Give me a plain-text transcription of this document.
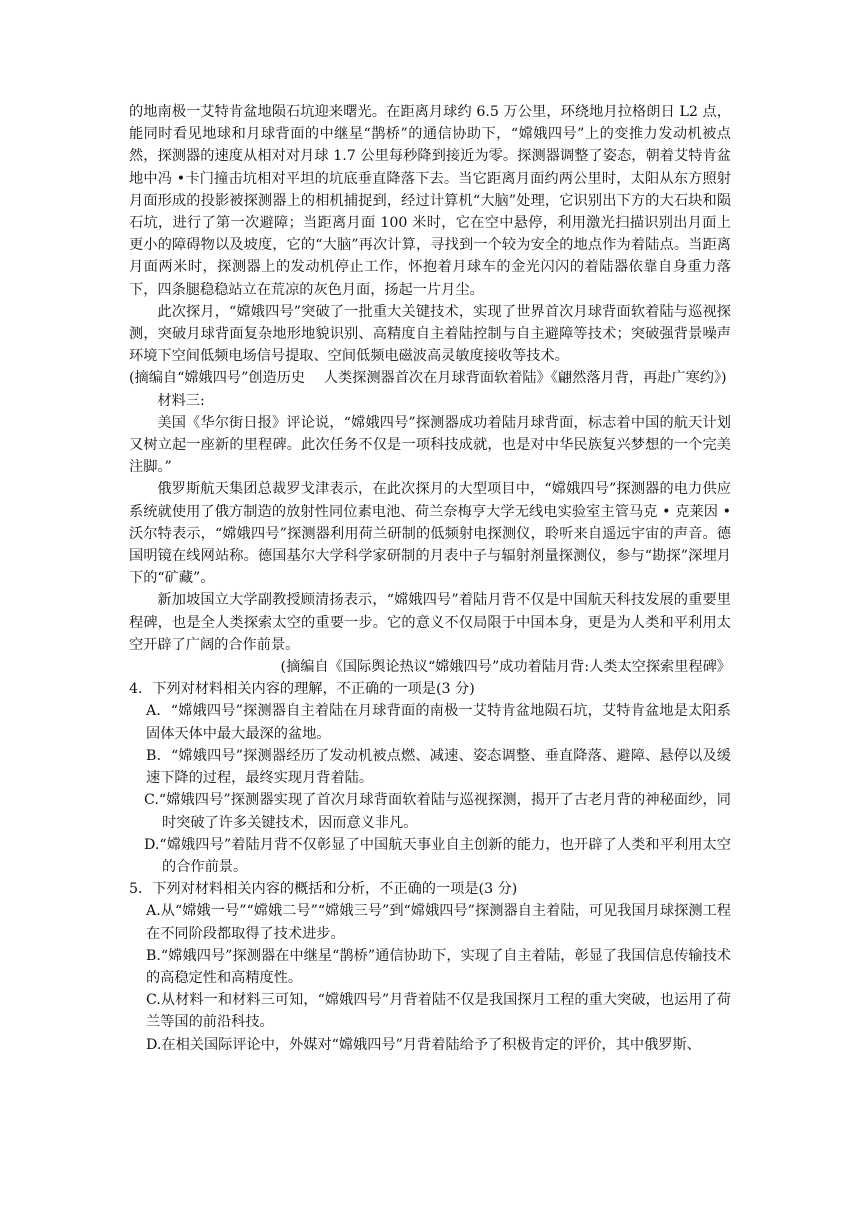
的地南极一艾特肯盆地陨石坑迎来曙光。在距离月球约 6.5 万公里，环绕地月拉格朗日 L2 点，能同时看见地球和月球背面的中继星“鹊桥”的通信协助下，“嫦娥四号”上的变推力发动机被点然，探测器的速度从相对对月球 1.7 公里每秒降到接近为零。探测器调整了姿态，朝着艾特肯盆地中冯 •卡门撞击坑相对平坦的坑底垂直降落下去。当它距离月面约两公里时，太阳从东方照射月面形成的投影被探测器上的相机捕捉到，经过计算机“大脑”处理，它识别出下方的大石块和陨石坑，进行了第一次避障；当距离月面 100 米时，它在空中悬停，利用激光扫描识别出月面上更小的障碍物以及坡度，它的“大脑”再次计算，寻找到一个较为安全的地点作为着陆点。当距离月面两米时，探测器上的发动机停止工作，怀抱着月球车的金光闪闪的着陆器依靠自身重力落下，四条腿稳稳站立在荒凉的灰色月面，扬起一片月尘。

此次探月，“嫦娥四号”突破了一批重大关键技术，实现了世界首次月球背面软着陆与巡视探测，突破月球背面复杂地形地貌识别、高精度自主着陆控制与自主避障等技术；突破强背景噪声环境下空间低频电场信号提取、空间低频电磁波高灵敏度接收等技术。

(摘编自“嫦娥四号”创造历史　 人类探测器首次在月球背面软着陆》《翩然落月背，再赴广寒约》)

材料三:

美国《华尔街日报》评论说，“嫦娥四号”探测器成功着陆月球背面，标志着中国的航天计划又树立起一座新的里程碑。此次任务不仅是一项科技成就，也是对中华民族复兴梦想的一个完美注脚。”

俄罗斯航天集团总裁罗戈津表示，在此次探月的大型项目中，“嫦娥四号”探测器的电力供应系统就使用了俄方制造的放射性同位素电池、荷兰奈梅亨大学无线电实验室主管马克 • 克莱因 • 沃尔特表示，“嫦娥四号”探测器利用荷兰研制的低频射电探测仪，聆听来自遥远宇宙的声音。德国明镜在线网站称。德国基尔大学科学家研制的月表中子与辐射剂量探测仪，参与“勘探”深埋月下的“矿藏”。

新加坡国立大学副教授顾清扬表示，“嫦娥四号”着陆月背不仅是中国航天科技发展的重要里程碑，也是全人类探索太空的重要一步。它的意义不仅局限于中国本身，更是为人类和平利用太空开辟了广阔的合作前景。

(摘编自《国际舆论热议“嫦娥四号”成功着陆月背:人类太空探索里程碑》

4．下列对材料相关内容的理解，不正确的一项是(3 分)

A．“嫦娥四号”探测器自主着陆在月球背面的南极一艾特肯盆地陨石坑，艾特肯盆地是太阳系固体天体中最大最深的盆地。

B．“嫦娥四号”探测器经历了发动机被点燃、减速、姿态调整、垂直降落、避障、悬停以及缓速下降的过程，最终实现月背着陆。

C.“嫦娥四号”探测器实现了首次月球背面软着陆与巡视探测，揭开了古老月背的神秘面纱，同时突破了许多关键技术，因而意义非凡。

D.“嫦娥四号”着陆月背不仅彰显了中国航天事业自主创新的能力，也开辟了人类和平利用太空的合作前景。

5．下列对材料相关内容的概括和分析，不正确的一项是(3 分)

A.从“嫦娥一号”“嫦娥二号”“嫦娥三号”到“嫦娥四号”探测器自主着陆，可见我国月球探测工程在不同阶段都取得了技术进步。

B.“嫦娥四号”探测器在中继星“鹊桥”通信协助下，实现了自主着陆，彰显了我国信息传输技术的高稳定性和高精度性。

C.从材料一和材料三可知，“嫦娥四号”月背着陆不仅是我国探月工程的重大突破，也运用了荷兰等国的前沿科技。

D.在相关国际评论中，外媒对“嫦娥四号”月背着陆给予了积极肯定的评价，其中俄罗斯、
